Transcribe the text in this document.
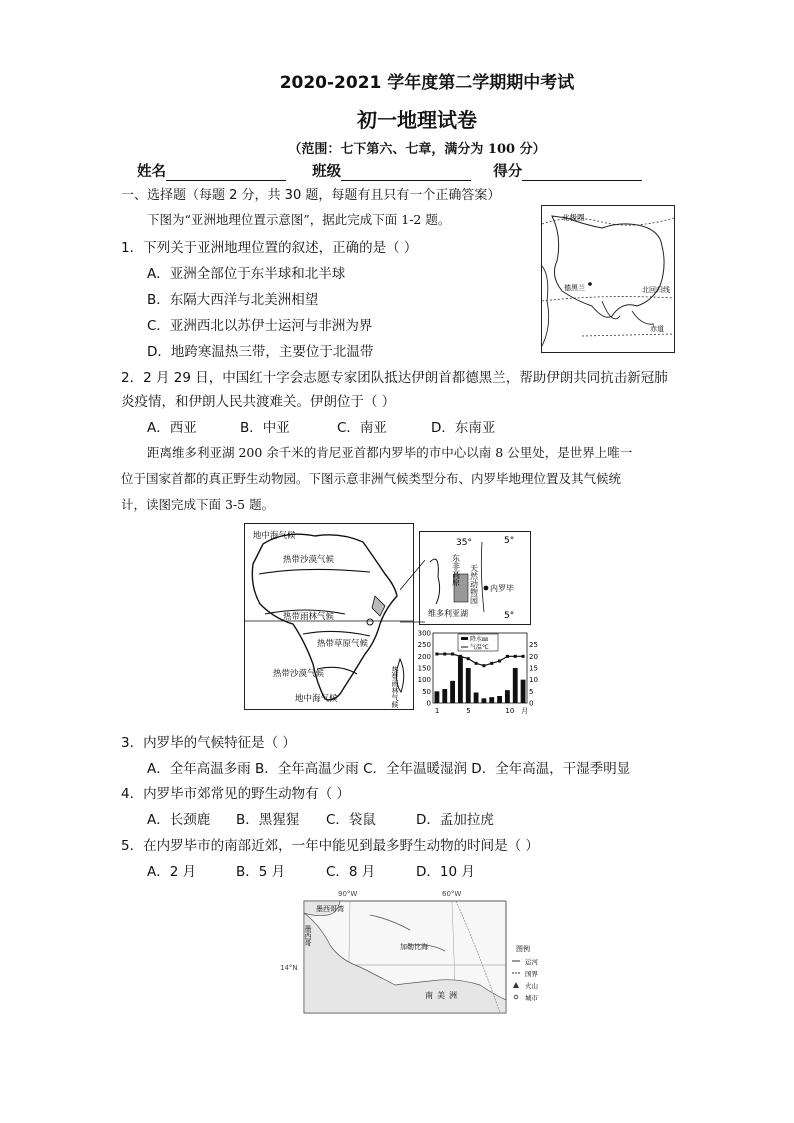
2020-2021 学年度第二学期期中考试
初一地理试卷
（范围：七下第六、七章，满分为 100 分）
姓名	班级	得分
一、选择题（每题 2 分，共 30 题，每题有且只有一个正确答案）
下图为“亚洲地理位置示意图”，据此完成下面 1-2 题。	北极圈
北回归线
赤道
德黑兰
1．下列关于亚洲地理位置的叙述，正确的是（ ）
A．亚洲全部位于东半球和北半球
B．东隔大西洋与北美洲相望
C．亚洲西北以苏伊士运河与非洲为界
D．地跨寒温热三带，主要位于北温带
2．2 月 29 日，中国红十字会志愿专家团队抵达伊朗首都德黑兰，帮助伊朗共同抗击新冠肺
炎疫情，和伊朗人民共渡难关。伊朗位于（ ）
A．西亚	B．中亚	C．南亚	D．东南亚
距离维多利亚湖 200 余千米的肯尼亚首都内罗毕的市中心以南 8 公里处，是世界上唯一
位于国家首都的真正野生动物园。下图示意非洲气候类型分布、内罗毕地理位置及其气候统
计，读图完成下面 3-5 题。
地中海气候
热带沙漠气候
热带雨林气候
热带草原气候
热带沙漠气候
地中海气候	热带雨林气候
35°	5°
5°
东非高原 天然动物园 内罗毕
维多利亚湖
0
50
100
150
200
250
300
0
5
10
15
20
25
1	5	10 月
降水㎜
气温℃
3．内罗毕的气候特征是（ ）
A．全年高温多雨 B．全年高温少雨 C．全年温暖湿润 D．全年高温，干湿季明显
4．内罗毕市郊常见的野生动物有（ ）
A．长颈鹿 B．黑猩猩 C．袋鼠	D．孟加拉虎
5．在内罗毕市的南部近郊，一年中能见到最多野生动物的时间是（ ）
A．2 月	B．5 月	C．8 月	D．10 月
90°W	60°W
14°N
墨西哥湾
墨西哥
加勒比海
南美洲
图例
运河
国界
火山
城市
